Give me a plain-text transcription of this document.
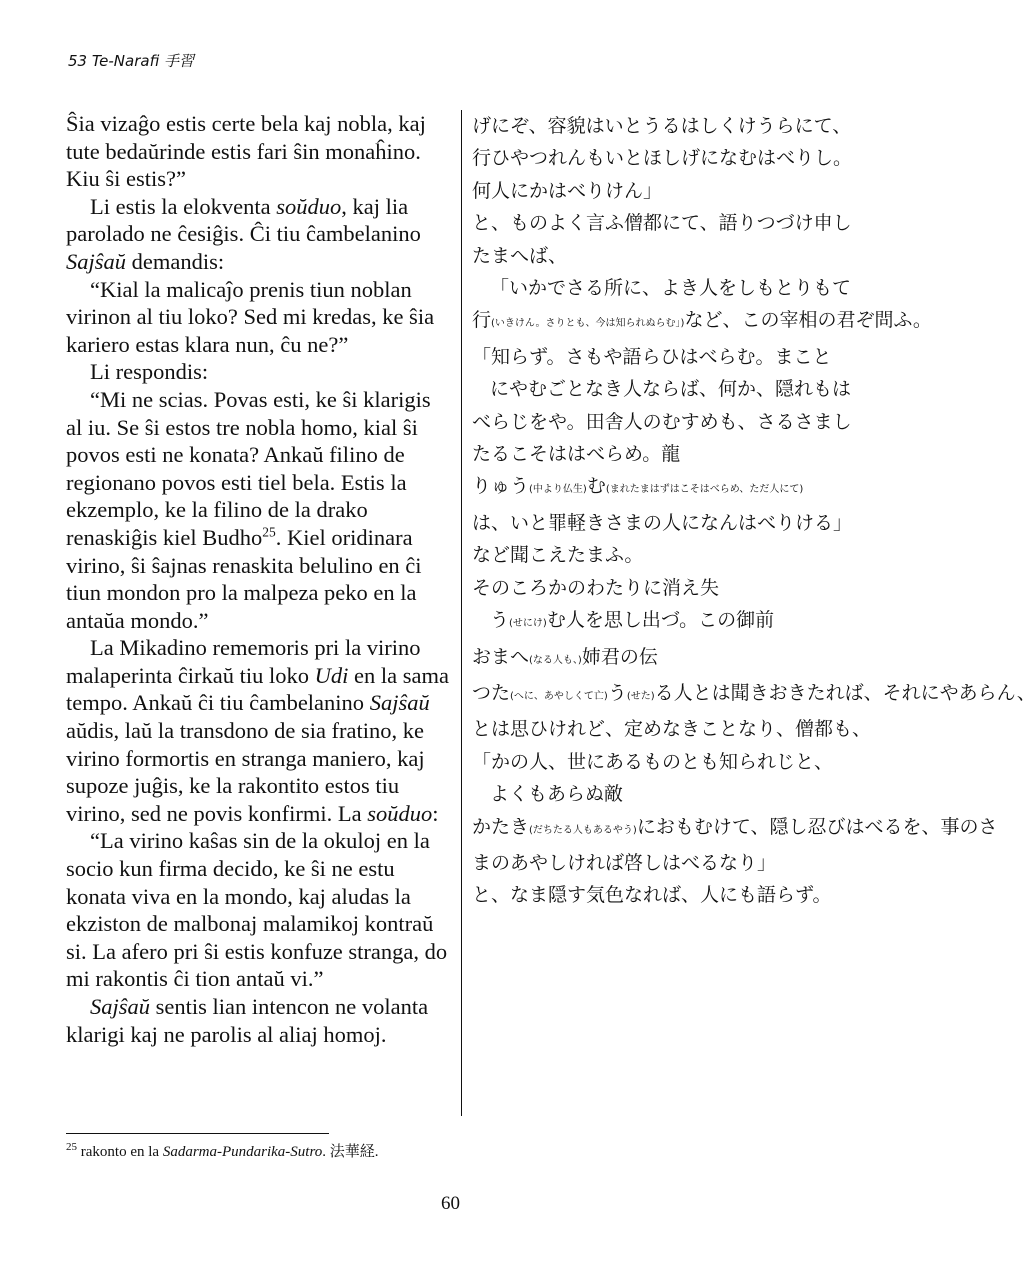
53 Te-Narafi 手習

Ŝia vizaĝo estis certe bela kaj nobla, kaj tute bedaŭrinde estis fari ŝin monaĥino. Kiu ŝi estis?”

Li estis la elokventa soŭduo, kaj lia parolado ne ĉesiĝis. Ĉi tiu ĉambelanino Sajŝaŭ demandis:

“Kial la malicaĵo prenis tiun noblan virinon al tiu loko? Sed mi kredas, ke ŝia kariero estas klara nun, ĉu ne?”

Li respondis:

“Mi ne scias. Povas esti, ke ŝi klarigis al iu. Se ŝi estos tre nobla homo, kial ŝi povos esti ne konata? Ankaŭ filino de regionano povos esti tiel bela. Estis la ekzemplo, ke la filino de la drako renaskiĝis kiel Budho$^{25}$. Kiel oridinara virino, ŝi ŝajnas renaskita belulino en ĉi tiun mondon pro la malpeza peko en la antaŭa mondo.”

La Mikadino rememoris pri la virino malaperinta ĉirkaŭ tiu loko Udi en la sama tempo. Ankaŭ ĉi tiu ĉambelanino Sajŝaŭ aŭdis, laŭ la transdono de sia fratino, ke virino formortis en stranga maniero, kaj supoze juĝis, ke la rakontito estos tiu virino, sed ne povis konfirmi. La soŭduo:

“La virino kaŝas sin de la okuloj en la socio kun firma decido, ke ŝi ne estu konata viva en la mondo, kaj aludas la ekziston de malbonaj malamikoj kontraŭ si. La afero pri ŝi estis konfuze stranga, do mi rakontis ĉi tion antaŭ vi.”

Sajŝaŭ sentis lian intencon ne volanta klarigi kaj ne parolis al aliaj homoj.

げにぞ、容貌はいとうるはしくけうらにて、

行ひやつれんもいとほしげになむはべりし。

何人にかはべりけん」

と、ものよく言ふ僧都にて、語りつづけ申し

たまへば、

「いかでさる所に、よき人をしもとりもて

行(いきけん。さりとも、今は知られぬらむ」)など、この宰相の君ぞ問ふ。

「知らず。さもや語らひはべらむ。まこと

にやむごとなき人ならば、何か、隠れもは

べらじをや。田舎人のむすめも、さるさまし

たるこそははべらめ。龍

りゅう(中より仏生)む(まれたまはずはこそはべらめ、ただ人にて)

は、いと罪軽きさまの人になんはべりける」

など聞こえたまふ。

そのころかのわたりに消え失

う(せにけ)む人を思し出づ。この御前

おまへ(なる人も、)姉君の伝

つた(へに、あやしくて亡)う(せた)る人とは聞きおきたれば、それにやあらん、

とは思ひけれど、定めなきことなり、僧都も、

「かの人、世にあるものとも知られじと、

よくもあらぬ敵

かたき(だちたる人もあるやう)におもむけて、隠し忍びはべるを、事のさ

まのあやしければ啓しはべるなり」

と、なま隠す気色なれば、人にも語らず。

$^{25}$ rakonto en la Sadarma-Pundarika-Sutro. 法華経.
60
